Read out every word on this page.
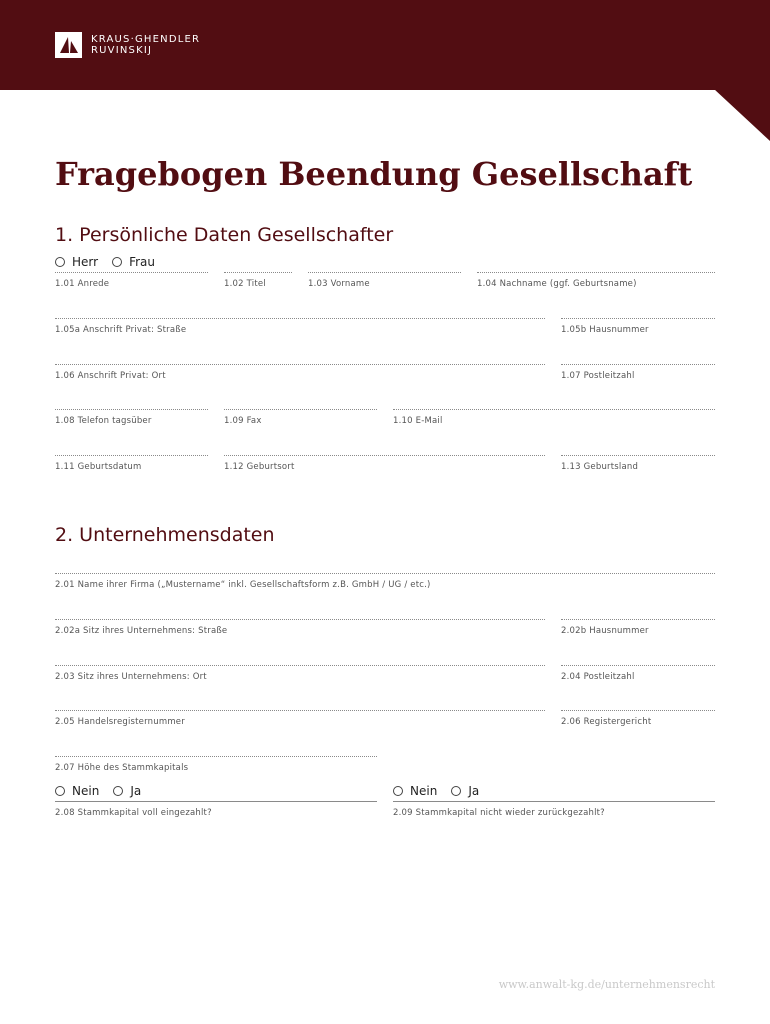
KRAUS·GHENDLER
RUVINSKIJ
Fragebogen Beendung Gesellschaft
1. Persönliche Daten Gesellschafter
Herr	Frau
1.01 Anrede	1.02 Titel	1.03 Vorname	1.04 Nachname (ggf. Geburtsname)
1.05a Anschrift Privat: Straße	1.05b Hausnummer
1.06 Anschrift Privat: Ort	1.07 Postleitzahl
1.08 Telefon tagsüber	1.09 Fax	1.10 E-Mail
1.11 Geburtsdatum	1.12 Geburtsort	1.13 Geburtsland
2. Unternehmensdaten
2.01 Name ihrer Firma („Mustername“ inkl. Gesellschaftsform z.B. GmbH / UG / etc.)
2.02a Sitz ihres Unternehmens: Straße	2.02b Hausnummer
2.03 Sitz ihres Unternehmens: Ort	2.04 Postleitzahl
2.05 Handelsregisternummer	2.06 Registergericht
2.07 Höhe des Stammkapitals
Nein	Ja
2.08 Stammkapital voll eingezahlt?
Nein	Ja
2.09 Stammkapital nicht wieder zurückgezahlt?
www.anwalt-kg.de/unternehmensrecht
